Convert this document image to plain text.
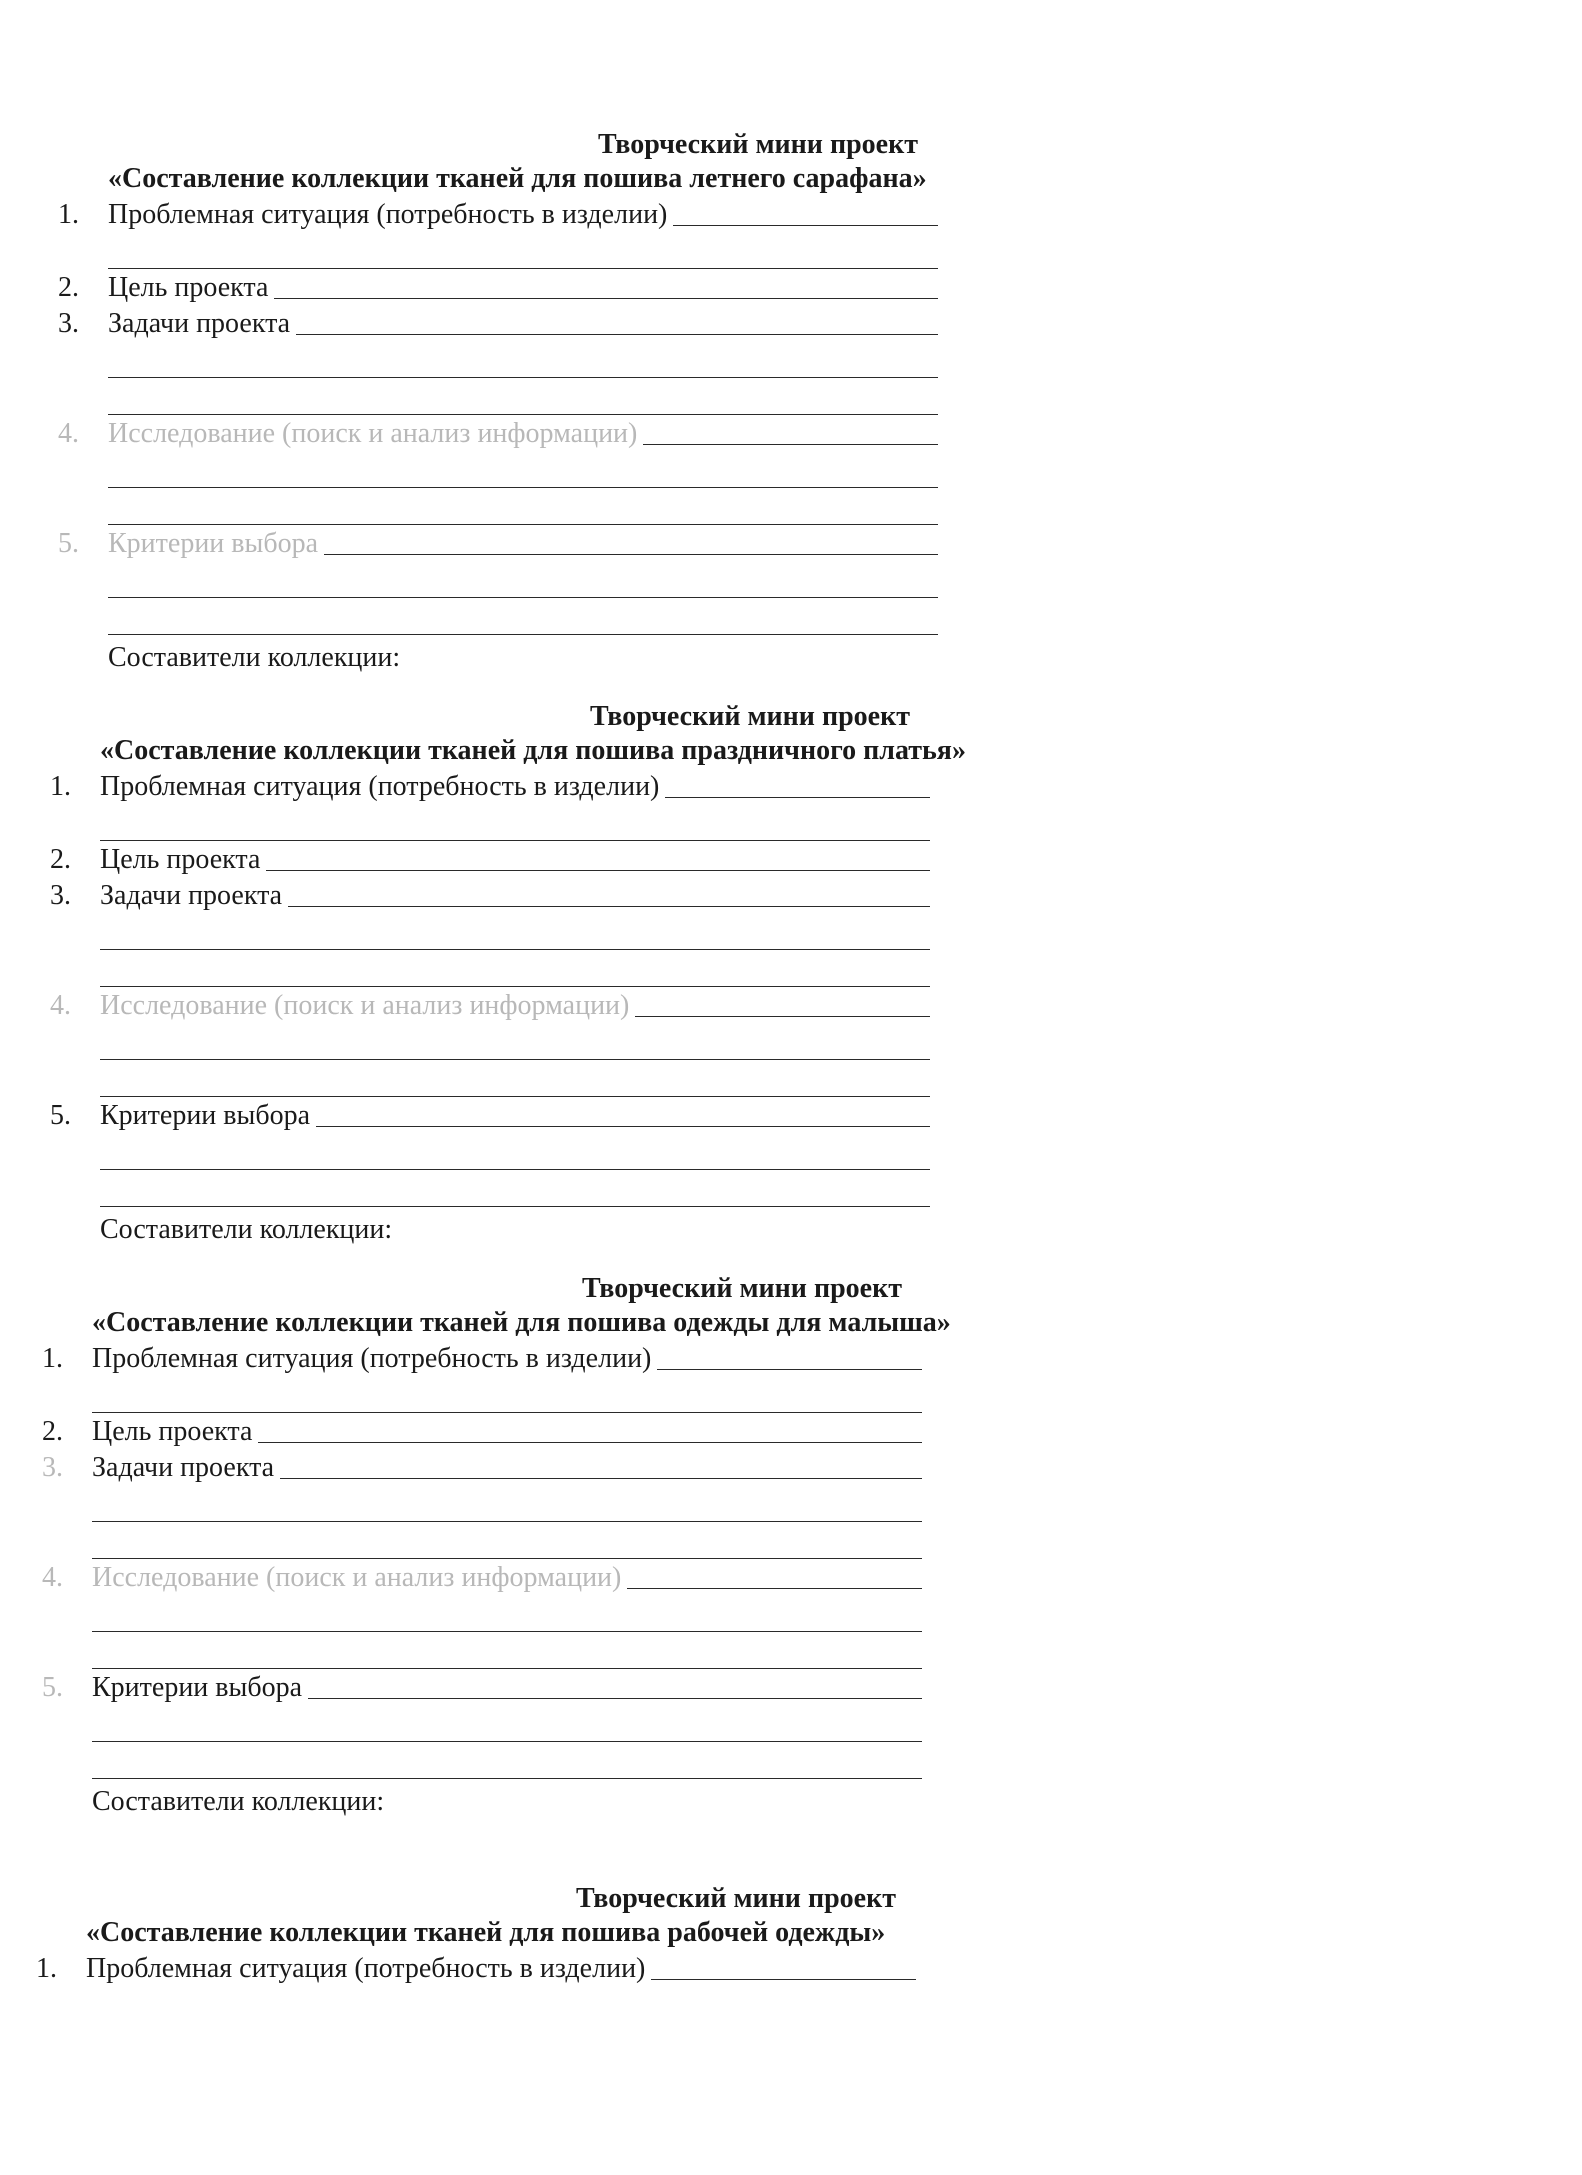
Творческий мини проект
«Составление коллекции тканей для пошива летнего сарафана»
1.	Проблемная ситуация (потребность в изделии)
2.	Цель проекта
3.	Задачи проекта
4.	Исследование (поиск и анализ информации)
5.	Критерии выбора
Составители коллекции:
Творческий мини проект
«Составление коллекции тканей для пошива праздничного платья»
1.	Проблемная ситуация (потребность в изделии)
2.	Цель проекта
3.	Задачи проекта
4.	Исследование (поиск и анализ информации)
5.	Критерии выбора
Составители коллекции:
Творческий мини проект
«Составление коллекции тканей для пошива одежды для малыша»
1.	Проблемная ситуация (потребность в изделии)
2.	Цель проекта
3.	Задачи проекта
4.	Исследование (поиск и анализ информации)
5.	Критерии выбора
Составители коллекции:
Творческий мини проект
«Составление коллекции тканей для пошива рабочей одежды»
1.	Проблемная ситуация (потребность в изделии)
